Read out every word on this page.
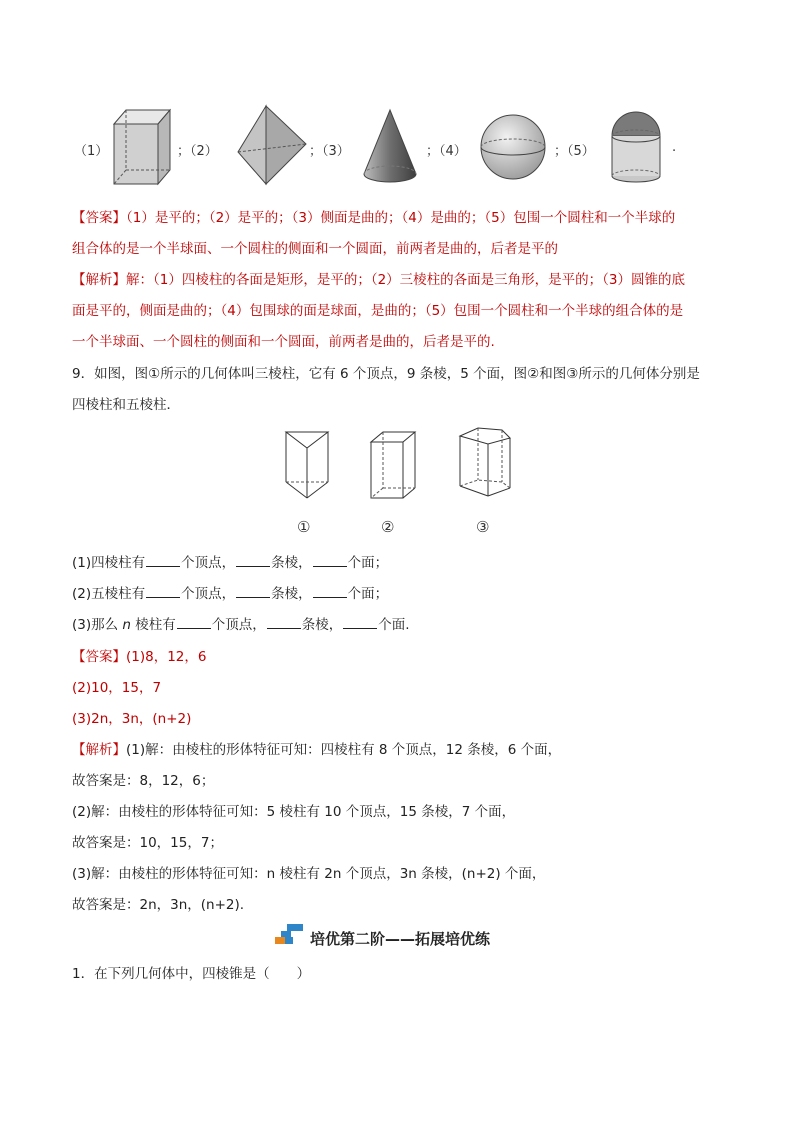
（1）	；（2）	；（3）	；（4）	；（5）	.
【答案】（1）是平的；（2）是平的；（3）侧面是曲的；（4）是曲的；（5）包围一个圆柱和一个半球的
组合体的是一个半球面、一个圆柱的侧面和一个圆面，前两者是曲的，后者是平的
【解析】解：（1）四棱柱的各面是矩形，是平的；（2）三棱柱的各面是三角形，是平的；（3）圆锥的底
面是平的，侧面是曲的；（4）包围球的面是球面，是曲的；（5）包围一个圆柱和一个半球的组合体的是
一个半球面、一个圆柱的侧面和一个圆面，前两者是曲的，后者是平的.
9．如图，图①所示的几何体叫三棱柱，它有 6 个顶点，9 条棱，5 个面，图②和图③所示的几何体分别是
四棱柱和五棱柱．
①	②	③
(1)四棱柱有	个顶点，	条棱，	个面；
(2)五棱柱有	个顶点，	条棱，	个面；
(3)那么 n 棱柱有	个顶点，	条棱，	个面.
【答案】(1)8，12，6
(2)10，15，7
(3)2n，3n，(n+2)
【解析】(1)解：由棱柱的形体特征可知：四棱柱有 8 个顶点，12 条棱，6 个面，
故答案是：8，12，6；
(2)解：由棱柱的形体特征可知：5 棱柱有 10 个顶点，15 条棱，7 个面，
故答案是：10，15，7；
(3)解：由棱柱的形体特征可知：n 棱柱有 2n 个顶点，3n 条棱，(n+2) 个面，
故答案是：2n，3n，(n+2).
培优第二阶——拓展培优练
1．在下列几何体中，四棱锥是（　　）
